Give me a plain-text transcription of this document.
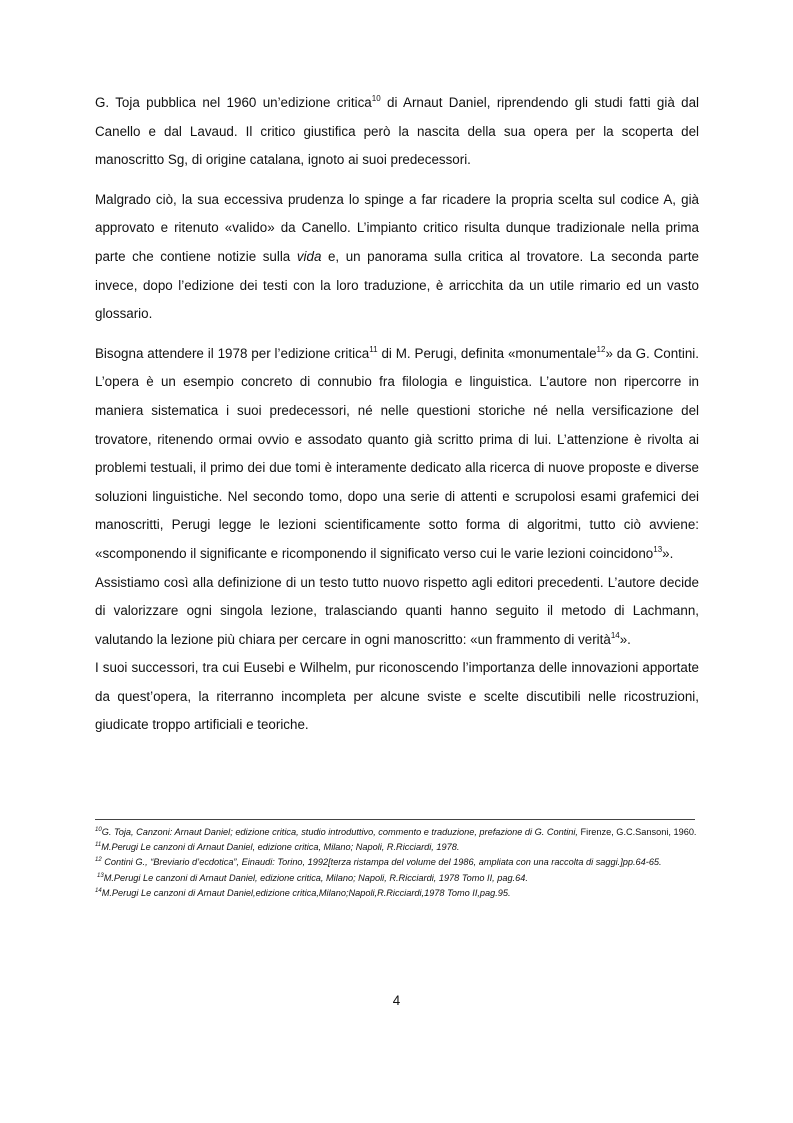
G. Toja pubblica nel 1960 un’edizione critica$^{10}$ di Arnaut Daniel, riprendendo gli studi fatti già dal Canello e dal Lavaud. Il critico giustifica però la nascita della sua opera per la scoperta del manoscritto Sg, di origine catalana, ignoto ai suoi predecessori.

Malgrado ciò, la sua eccessiva prudenza lo spinge a far ricadere la propria scelta sul codice A, già approvato e ritenuto «valido» da Canello. L’impianto critico risulta dunque tradizionale nella prima parte che contiene notizie sulla vida e, un panorama sulla critica al trovatore. La seconda parte invece, dopo l’edizione dei testi con la loro traduzione, è arricchita da un utile rimario ed un vasto glossario.

Bisogna attendere il 1978 per l’edizione critica$^{11}$ di M. Perugi, definita «monumentale$^{12}$» da G. Contini. L’opera è un esempio concreto di connubio fra filologia e linguistica. L’autore non ripercorre in maniera sistematica i suoi predecessori, né nelle questioni storiche né nella versificazione del trovatore, ritenendo ormai ovvio e assodato quanto già scritto prima di lui. L’attenzione è rivolta ai problemi testuali, il primo dei due tomi è interamente dedicato alla ricerca di nuove proposte e diverse soluzioni linguistiche. Nel secondo tomo, dopo una serie di attenti e scrupolosi esami grafemici dei manoscritti, Perugi legge le lezioni scientificamente sotto forma di algoritmi, tutto ciò avviene: «scomponendo il significante e ricomponendo il significato verso cui le varie lezioni coincidono$^{13}$».

Assistiamo così alla definizione di un testo tutto nuovo rispetto agli editori precedenti. L’autore decide di valorizzare ogni singola lezione, tralasciando quanti hanno seguito il metodo di Lachmann, valutando la lezione più chiara per cercare in ogni manoscritto: «un frammento di verità$^{14}$».

I suoi successori, tra cui Eusebi e Wilhelm, pur riconoscendo l’importanza delle innovazioni apportate da quest’opera, la riterranno incompleta per alcune sviste e scelte discutibili nelle ricostruzioni, giudicate troppo artificiali e teoriche.

$^{10}$G. Toja, Canzoni: Arnaut Daniel; edizione critica, studio introduttivo, commento e traduzione, prefazione di G. Contini, Firenze, G.C.Sansoni, 1960.

$^{11}$M.Perugi Le canzoni di Arnaut Daniel, edizione critica, Milano; Napoli, R.Ricciardi, 1978.

$^{12}$ Contini G., “Breviario d’ecdotica”, Einaudi: Torino, 1992[terza ristampa del volume del 1986, ampliata con una raccolta di saggi.]pp.64-65.

$^{13}$M.Perugi Le canzoni di Arnaut Daniel, edizione critica, Milano; Napoli, R.Ricciardi, 1978 Tomo II, pag.64.

$^{14}$M.Perugi Le canzoni di Arnaut Daniel,edizione critica,Milano;Napoli,R.Ricciardi,1978 Tomo II,pag.95.

4
